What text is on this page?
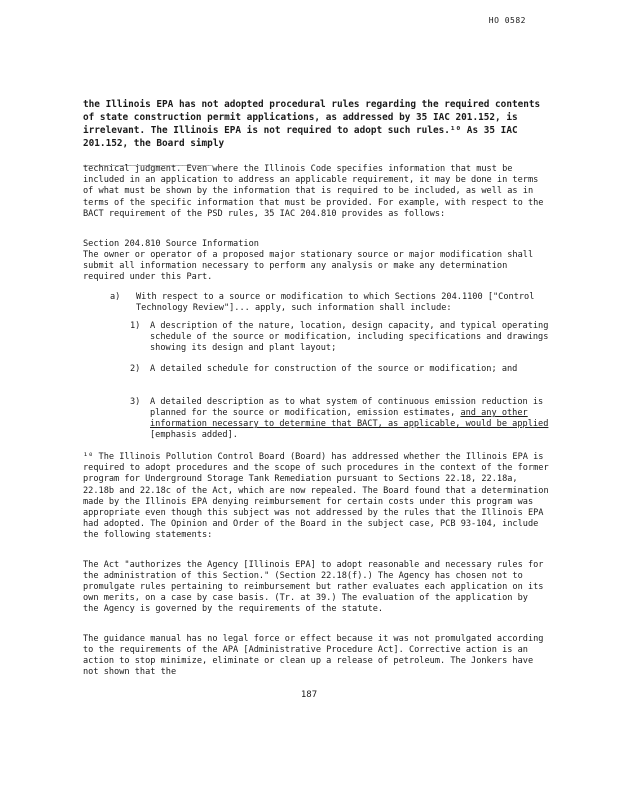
HO 0582
the Illinois EPA has not adopted procedural rules regarding the required contents of state construction permit applications, as addressed by 35 IAC 201.152, is irrelevant. The Illinois EPA is not required to adopt such rules.¹⁰ As 35 IAC 201.152, the Board simply
______________________________
technical judgment. Even where the Illinois Code specifies information that must be included in an application to address an applicable requirement, it may be done in terms of what must be shown by the information that is required to be included, as well as in terms of the specific information that must be provided. For example, with respect to the BACT requirement of the PSD rules, 35 IAC 204.810 provides as follows:
Section 204.810 Source Information
The owner or operator of a proposed major stationary source or major modification shall submit all information necessary to perform any analysis or make any determination required under this Part.
a) With respect to a source or modification to which Sections 204.1100 ["Control Technology Review"]... apply, such information shall include:
1) A description of the nature, location, design capacity, and typical operating schedule of the source or modification, including specifications and drawings showing its design and plant layout;
2) A detailed schedule for construction of the source or modification; and
3) A detailed description as to what system of continuous emission reduction is planned for the source or modification, emission estimates, and any other information necessary to determine that BACT, as applicable, would be applied [emphasis added].
¹⁰ The Illinois Pollution Control Board (Board) has addressed whether the Illinois EPA is required to adopt procedures and the scope of such procedures in the context of the former program for Underground Storage Tank Remediation pursuant to Sections 22.18, 22.18a, 22.18b and 22.18c of the Act, which are now repealed. The Board found that a determination made by the Illinois EPA denying reimbursement for certain costs under this program was appropriate even though this subject was not addressed by the rules that the Illinois EPA had adopted. The Opinion and Order of the Board in the subject case, PCB 93-104, include the following statements:
The Act "authorizes the Agency [Illinois EPA] to adopt reasonable and necessary rules for the administration of this Section." (Section 22.18(f).) The Agency has chosen not to promulgate rules pertaining to reimbursement but rather evaluates each application on its own merits, on a case by case basis. (Tr. at 39.) The evaluation of the application by the Agency is governed by the requirements of the statute.
The guidance manual has no legal force or effect because it was not promulgated according to the requirements of the APA [Administrative Procedure Act]. Corrective action is an action to stop minimize, eliminate or clean up a release of petroleum. The Jonkers have not shown that the
187
